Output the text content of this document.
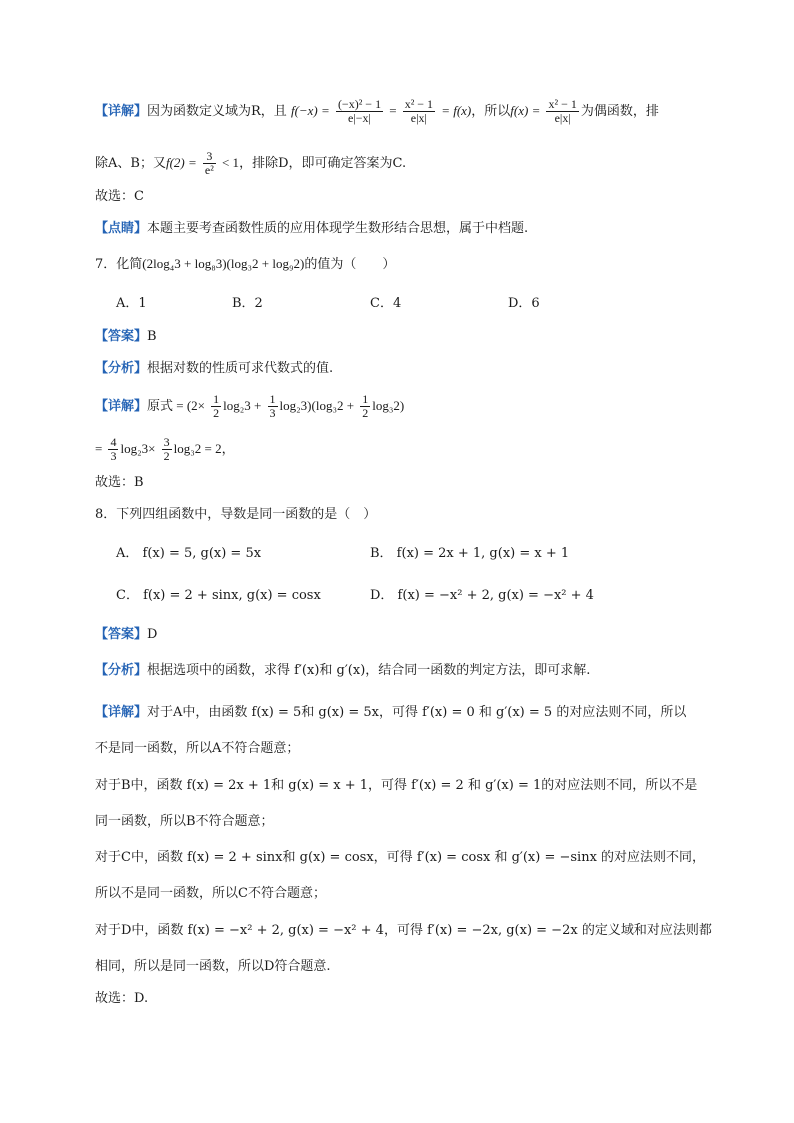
【详解】因为函数定义域为R，且 $f(-x) = \frac{\text{(−x)² − 1}}{e|-x|} = \frac{\text{x² − 1}}{e|x|} = f(x)$，所以$f(x) = \frac{\text{x² − 1}}{e|x|}$ 为偶函数，排
除A、B；又$f(2) = \frac{3}{\text{e²}} < 1$，排除D，即可确定答案为C.
故选：C
【点睛】本题主要考查函数性质的应用体现学生数形结合思想，属于中档题.
7．化简(2log₄3 + log₈3)(log₃2 + log₉2)的值为（　　）
A．1	B．2	C．4	D．6
【答案】B
【分析】根据对数的性质可求代数式的值.
【详解】原式 = $(2\times \frac{1}{2} \log_23 + \frac{1}{3} \log_23)(\log_32 + \frac{1}{2} \log_32)$
= $\frac{4}{3} \log_23\times \frac{3}{2} \log_32 = 2$，
故选：B
8．下列四组函数中，导数是同一函数的是（　）
A． f(x) = 5, g(x) = 5x	B． f(x) = 2x + 1, g(x) = x + 1
C． f(x) = 2 + sinx, g(x) = cosx	D． f(x) = −x² + 2, g(x) = −x² + 4
【答案】D
【分析】根据选项中的函数，求得 f′(x)和 g′(x)，结合同一函数的判定方法，即可求解.
【详解】对于A中，由函数 f(x) = 5和 g(x) = 5x，可得 f′(x) = 0 和 g′(x) = 5 的对应法则不同，所以
不是同一函数，所以A不符合题意；
对于B中，函数 f(x) = 2x + 1和 g(x) = x + 1，可得 f′(x) = 2 和 g′(x) = 1的对应法则不同，所以不是
同一函数，所以B不符合题意；
对于C中，函数 f(x) = 2 + sinx和 g(x) = cosx，可得 f′(x) = cosx 和 g′(x) = −sinx 的对应法则不同，
所以不是同一函数，所以C不符合题意；
对于D中，函数 f(x) = −x² + 2, g(x) = −x² + 4，可得 f′(x) = −2x, g(x) = −2x 的定义域和对应法则都
相同，所以是同一函数，所以D符合题意.
故选：D.
